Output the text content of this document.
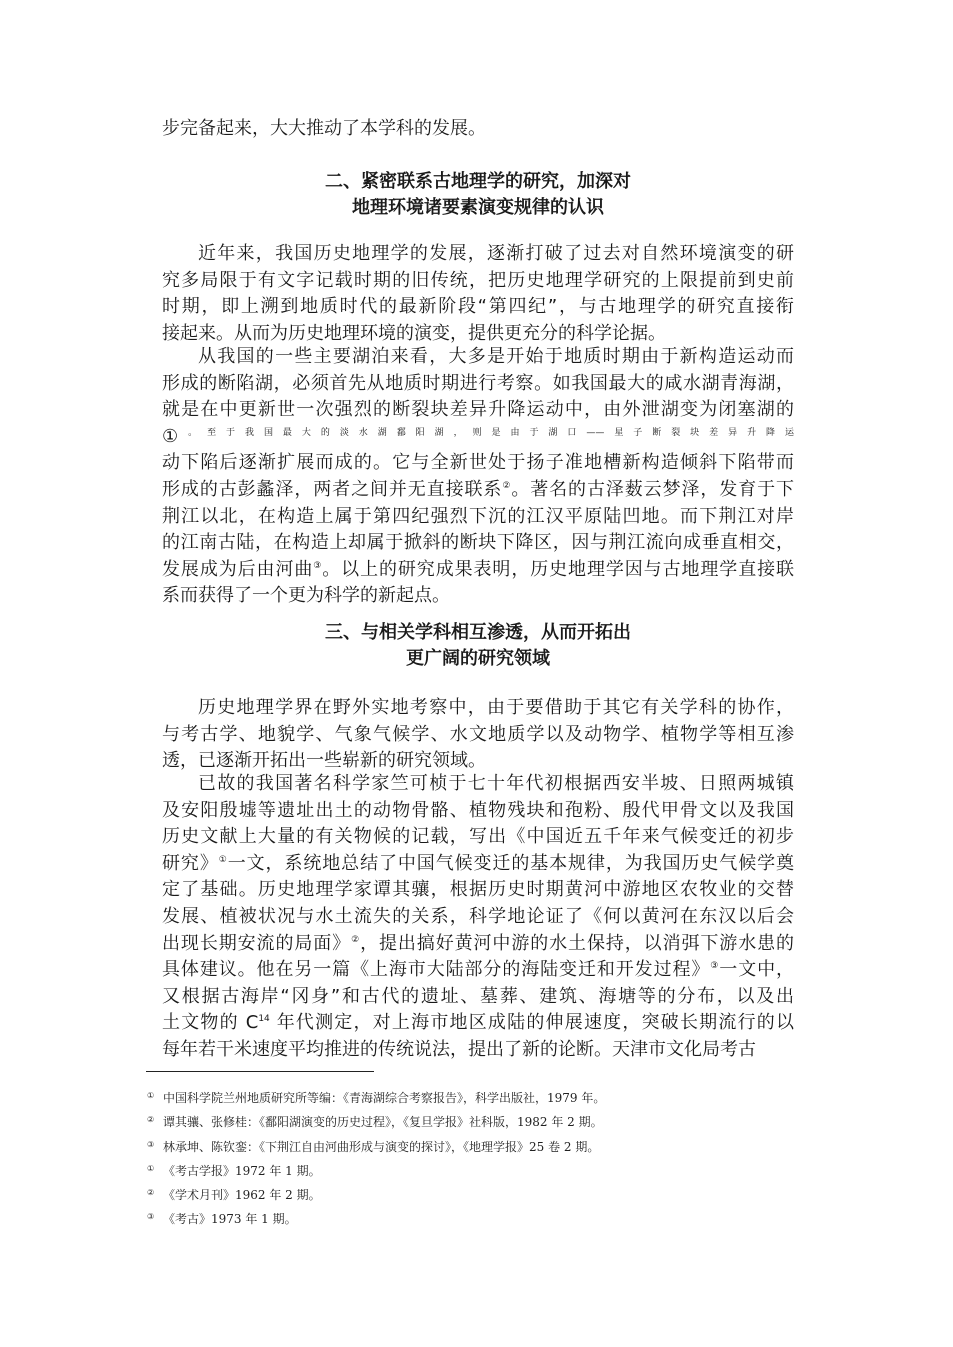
步完备起来，大大推动了本学科的发展。
二、紧密联系古地理学的研究，加深对
地理环境诸要素演变规律的认识
近年来，我国历史地理学的发展，逐渐打破了过去对自然环境演变的研
究多局限于有文字记载时期的旧传统，把历史地理学研究的上限提前到史前
时期，即上溯到地质时代的最新阶段“第四纪”，与古地理学的研究直接衔
接起来。从而为历史地理环境的演变，提供更充分的科学论据。
从我国的一些主要湖泊来看，大多是开始于地质时期由于新构造运动而
形成的断陷湖，必须首先从地质时期进行考察。如我国最大的咸水湖青海湖，
就是在中更新世一次强烈的断裂块差异升降运动中，由外泄湖变为闭塞湖的
①$^{。至于我国最大的淡水湖鄱阳湖,则是由于湖口——星子断裂块差异升降运}$
动下陷后逐渐扩展而成的。它与全新世处于扬子准地槽新构造倾斜下陷带而
形成的古彭蠡泽，两者之间并无直接联系②。著名的古泽薮云梦泽，发育于下
荆江以北，在构造上属于第四纪强烈下沉的江汉平原陆凹地。而下荆江对岸
的江南古陆，在构造上却属于掀斜的断块下降区，因与荆江流向成垂直相交，
发展成为后由河曲③。以上的研究成果表明，历史地理学因与古地理学直接联
系而获得了一个更为科学的新起点。
三、与相关学科相互渗透，从而开拓出
更广阔的研究领域
历史地理学界在野外实地考察中，由于要借助于其它有关学科的协作，
与考古学、地貌学、气象气候学、水文地质学以及动物学、植物学等相互渗
透，已逐渐开拓出一些崭新的研究领域。
已故的我国著名科学家竺可桢于七十年代初根据西安半坡、日照两城镇
及安阳殷墟等遗址出土的动物骨骼、植物残块和孢粉、殷代甲骨文以及我国
历史文献上大量的有关物候的记载，写出《中国近五千年来气候变迁的初步
研究》①一文，系统地总结了中国气候变迁的基本规律，为我国历史气候学奠
定了基础。历史地理学家谭其骧，根据历史时期黄河中游地区农牧业的交替
发展、植被状况与水土流失的关系，科学地论证了《何以黄河在东汉以后会
出现长期安流的局面》②，提出搞好黄河中游的水土保持，以消弭下游水患的
具体建议。他在另一篇《上海市大陆部分的海陆变迁和开发过程》③一文中，
又根据古海岸“冈身”和古代的遗址、墓葬、建筑、海塘等的分布，以及出
土文物的 $C^{14}$ 年代测定，对上海市地区成陆的伸展速度，突破长期流行的以
每年若干米速度平均推进的传统说法，提出了新的论断。天津市文化局考古
① 中国科学院兰州地质研究所等编：《青海湖综合考察报告》，科学出版社，1979 年。
② 谭其骧、张修桂：《鄱阳湖演变的历史过程》，《复旦学报》社科版，1982 年 2 期。
③ 林承坤、陈钦銮：《下荆江自由河曲形成与演变的探讨》，《地理学报》25 卷 2 期。
① 《考古学报》1972 年 1 期。
② 《学术月刊》1962 年 2 期。
③ 《考古》1973 年 1 期。
